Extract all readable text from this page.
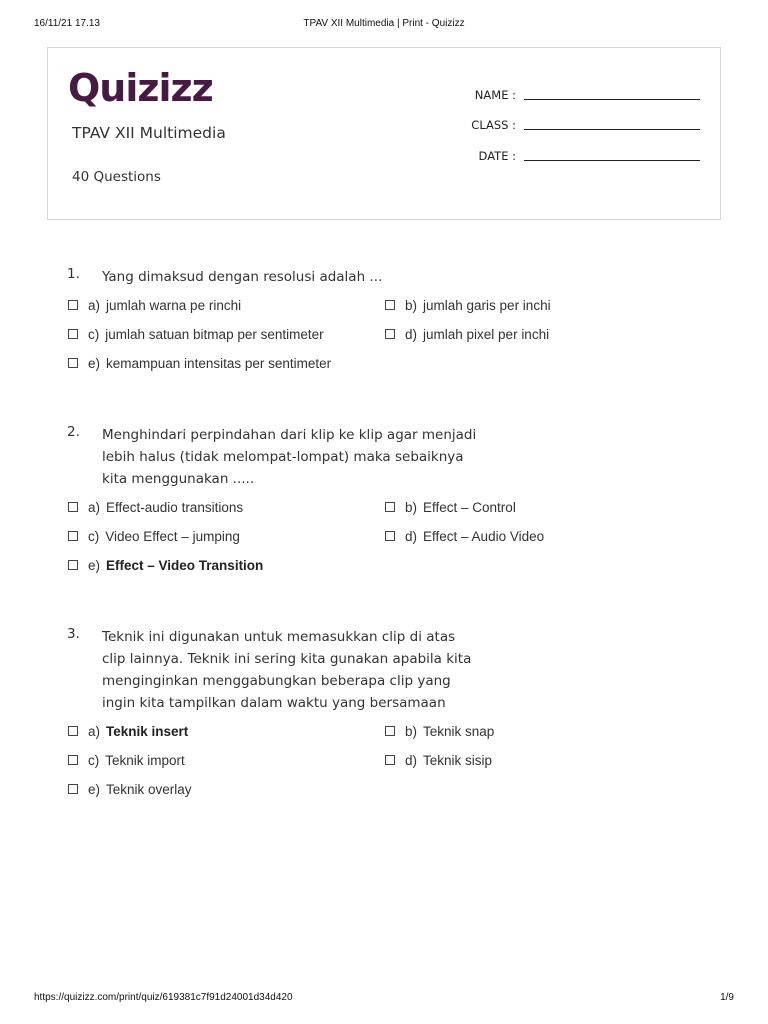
16/11/21 17.13	TPAV XII Multimedia | Print - Quizizz
Quizizz
TPAV XII Multimedia
40 Questions
NAME :
CLASS :
DATE :
1. Yang dimaksud dengan resolusi adalah ...
a) jumlah warna pe rinchi	b) jumlah garis per inchi
c) jumlah satuan bitmap per sentimeter	d) jumlah pixel per inchi
e) kemampuan intensitas per sentimeter
2. Menghindari perpindahan dari klip ke klip agar menjadi lebih halus (tidak melompat-lompat) maka sebaiknya kita menggunakan .....
a) Effect-audio transitions	b) Effect – Control
c) Video Effect – jumping	d) Effect – Audio Video
e) Effect – Video Transition
3. Teknik ini digunakan untuk memasukkan clip di atas clip lainnya. Teknik ini sering kita gunakan apabila kita menginginkan menggabungkan beberapa clip yang ingin kita tampilkan dalam waktu yang bersamaan
a) Teknik insert	b) Teknik snap
c) Teknik import	d) Teknik sisip
e) Teknik overlay
https://quizizz.com/print/quiz/619381c7f91d24001d34d420	1/9
